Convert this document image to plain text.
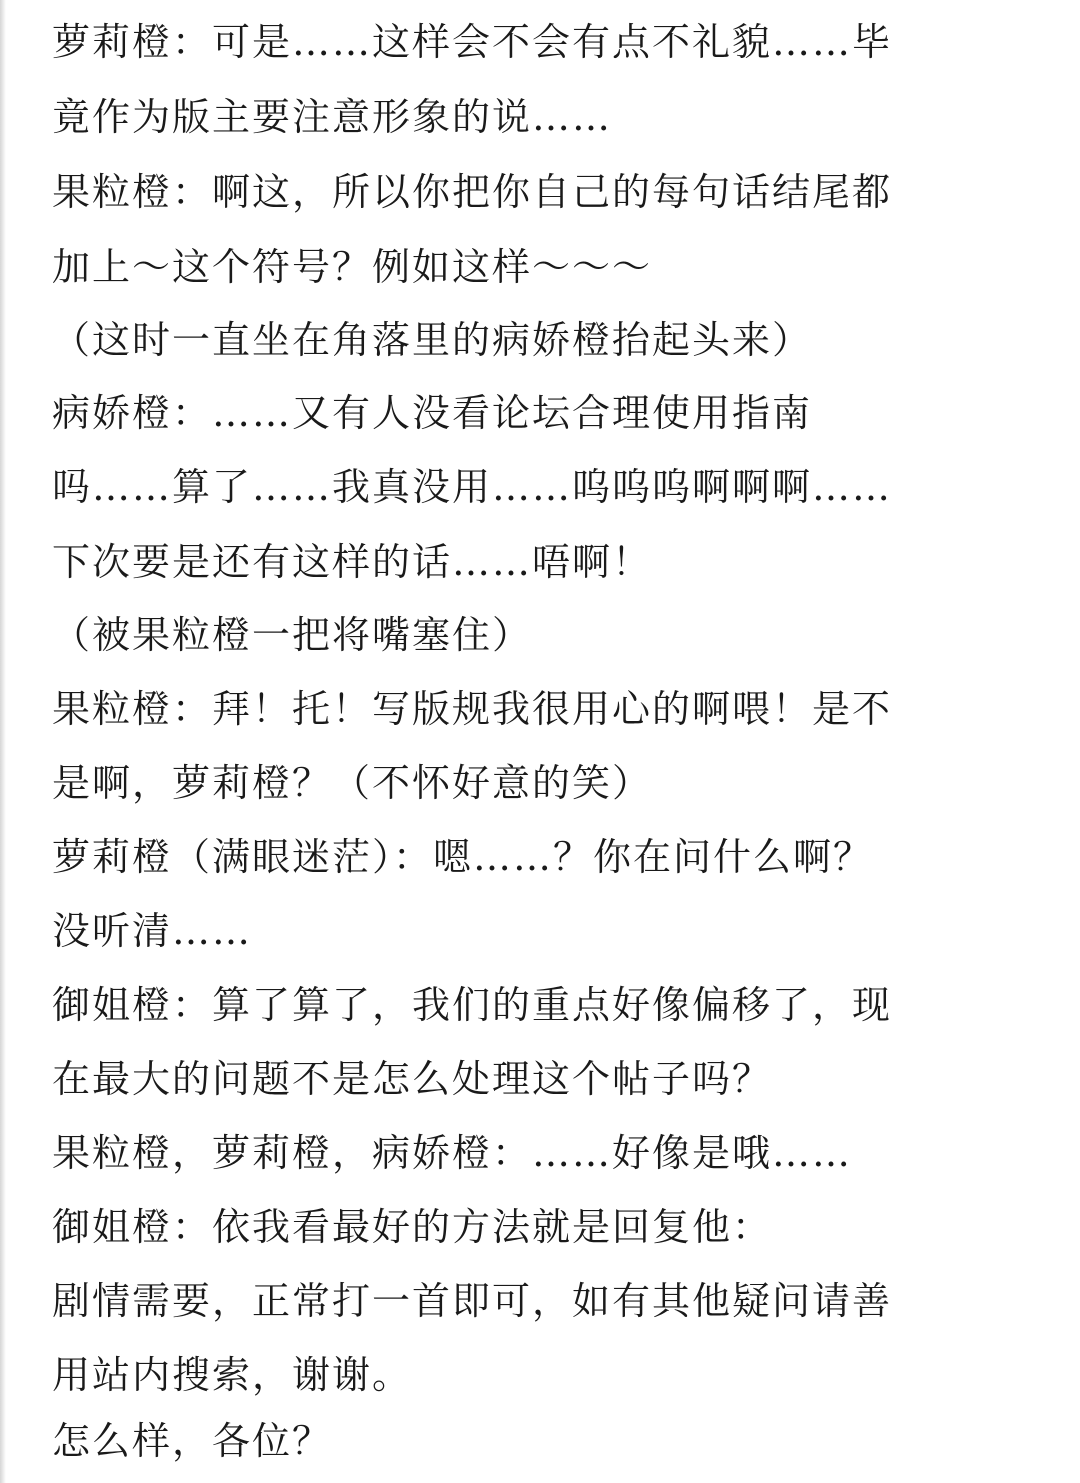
萝莉橙：可是……这样会不会有点不礼貌……毕
竟作为版主要注意形象的说……
果粒橙：啊这，所以你把你自己的每句话结尾都
加上～这个符号？例如这样～～～
（这时一直坐在角落里的病娇橙抬起头来）
病娇橙：……又有人没看论坛合理使用指南
吗……算了……我真没用……呜呜呜啊啊啊……
下次要是还有这样的话……唔啊！
（被果粒橙一把将嘴塞住）
果粒橙：拜！托！写版规我很用心的啊喂！是不
是啊，萝莉橙？（不怀好意的笑）
萝莉橙（满眼迷茫）：嗯……？你在问什么啊？
没听清……
御姐橙：算了算了，我们的重点好像偏移了，现
在最大的问题不是怎么处理这个帖子吗？
果粒橙，萝莉橙，病娇橙：……好像是哦……
御姐橙：依我看最好的方法就是回复他：
剧情需要，正常打一首即可，如有其他疑问请善
用站内搜索，谢谢。
怎么样，各位？
